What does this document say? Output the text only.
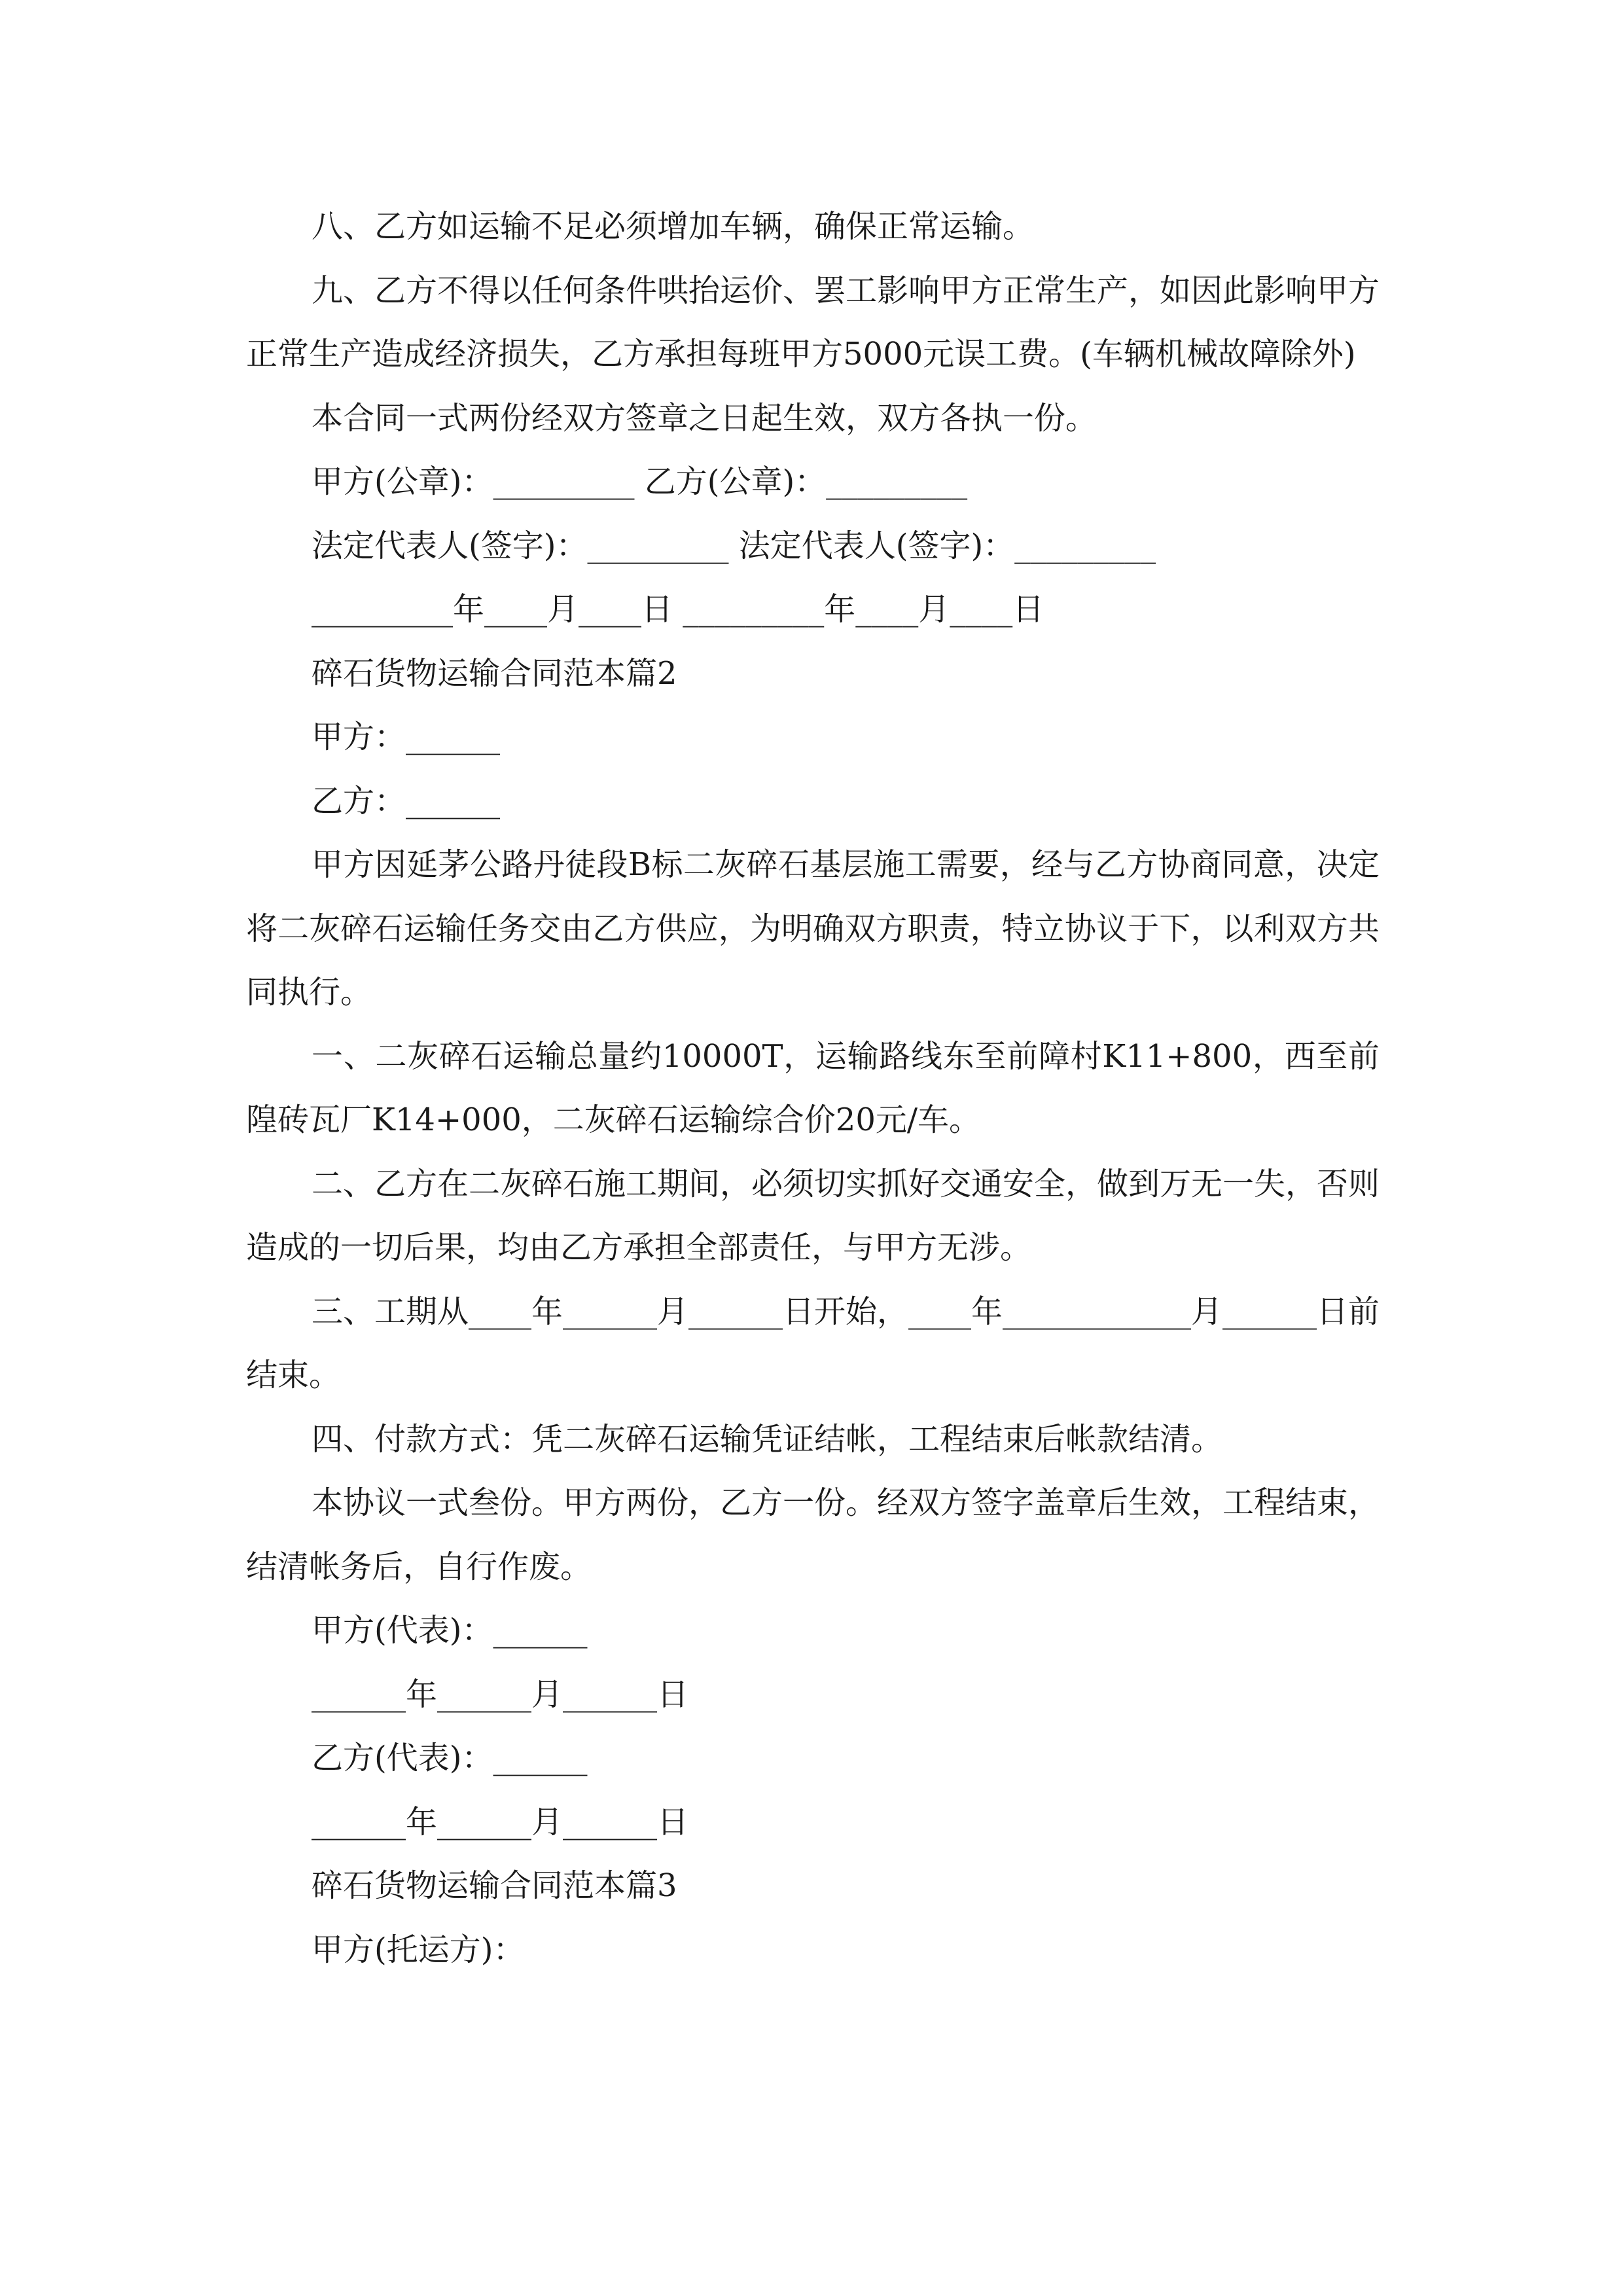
八、乙方如运输不足必须增加车辆，确保正常运输。

九、乙方不得以任何条件哄抬运价、罢工影响甲方正常生产，如因此影响甲方正常生产造成经济损失，乙方承担每班甲方5000元误工费。(车辆机械故障除外)

本合同一式两份经双方签章之日起生效，双方各执一份。

甲方(公章)：_________ 乙方(公章)：_________

法定代表人(签字)：_________ 法定代表人(签字)：_________

_________年____月____日 _________年____月____日

碎石货物运输合同范本篇2

甲方：______

乙方：______

甲方因延茅公路丹徒段B标二灰碎石基层施工需要，经与乙方协商同意，决定将二灰碎石运输任务交由乙方供应，为明确双方职责，特立协议于下，以利双方共同执行。

一、二灰碎石运输总量约10000T，运输路线东至前障村K11+800，西至前隍砖瓦厂K14+000，二灰碎石运输综合价20元/车。

二、乙方在二灰碎石施工期间，必须切实抓好交通安全，做到万无一失，否则造成的一切后果，均由乙方承担全部责任，与甲方无涉。

三、工期从____年______月______日开始，____年____________月______日前结束。

四、付款方式：凭二灰碎石运输凭证结帐，工程结束后帐款结清。

本协议一式叁份。甲方两份，乙方一份。经双方签字盖章后生效，工程结束，结清帐务后，自行作废。

甲方(代表)：______

______年______月______日

乙方(代表)：______

______年______月______日

碎石货物运输合同范本篇3

甲方(托运方)：
